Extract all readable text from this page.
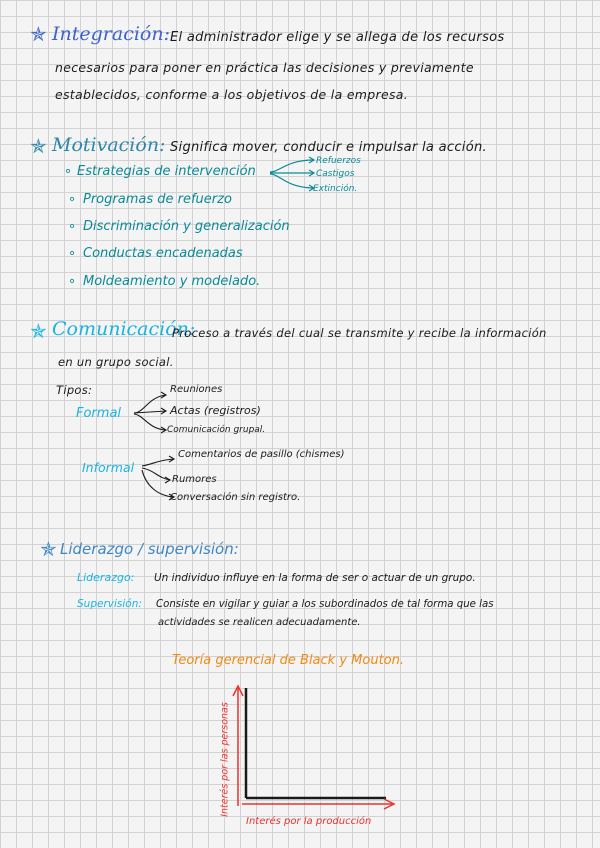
✯ Integración: El administrador elige y se allega de los recursos
necesarios para poner en práctica las decisiones y previamente
establecidos, conforme a los objetivos de la empresa.
✯ Motivación: Significa mover, conducir e impulsar la acción.
∘ Estrategias de intervención
∘ Programas de refuerzo
∘ Discriminación y generalización
∘ Conductas encadenadas
∘ Moldeamiento y modelado.
Refuerzos
Castigos
Extinción.
✯ Comunicación:
Proceso a través del cual se transmite y recibe la información
en un grupo social.
Tipos:
Formal
Reuniones
Actas (registros)
Comunicación grupal.
Informal
Comentarios de pasillo (chismes)
Rumores
Conversación sin registro.
✯ Liderazgo / supervisión:
Liderazgo: Un individuo influye en la forma de ser o actuar de un grupo.
Supervisión: Consiste en vigilar y guiar a los subordinados de tal forma que las
actividades se realicen adecuadamente.
Teoría gerencial de Black y Mouton.
Interés por las personas
Interés por la producción
